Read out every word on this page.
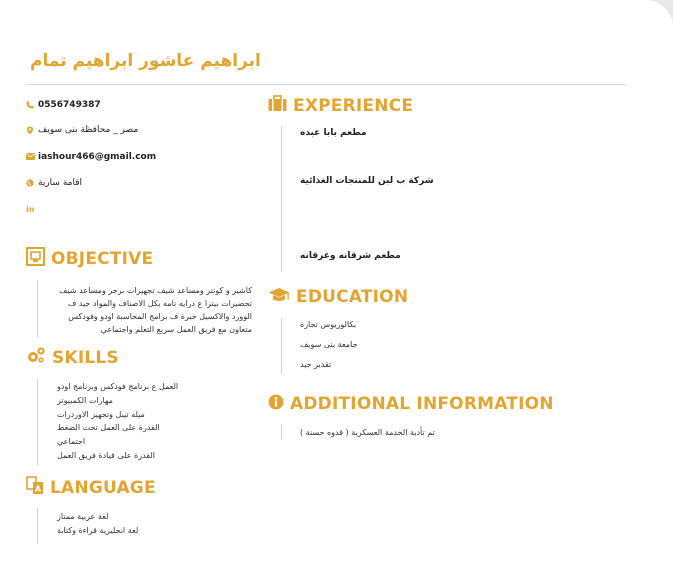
ابراهيم عاشور ابراهيم تمام
0556749387
مصر _ محافظة بنى سويف
iashour466@gmail.com
اقامة سارية
in
OBJECTIVE
كاشير و كونتر ومساعد شيف تجهيزات برجر ومساعد شيف تحضيرات بيتزا ع درايه تامه بكل الاصناف والمواد جيد ف الوورد والاكسيل خبرة ف برامج المحاسبة اودو وفودكس متعاون مع فريق العمل سريع التعلم واجتماعي
SKILLS
العمل ع برنامج فودكس وبرنامج اودو
مهارات الكمبيوتر
ميله تيبل وتجهيز الاوردرات
القدرة على العمل تحت الضغط
اجتماعي
القدرة على قيادة فريق العمل
A LANGUAGE
لغة عربية ممتاز
لغة انجليزية قراءة وكتابة
EXPERIENCE
مطعم بابا عبده
شركة ب لبن للمنتجات الغذائية
مطعم شرقانه وغرقانه
EDUCATION
بكالوريوس تجارة
جامعة بنى سويف
تقدير جيد
ADDITIONAL INFORMATION
تم تأدية الخدمة العسكرية ( قدوه حسنة )
